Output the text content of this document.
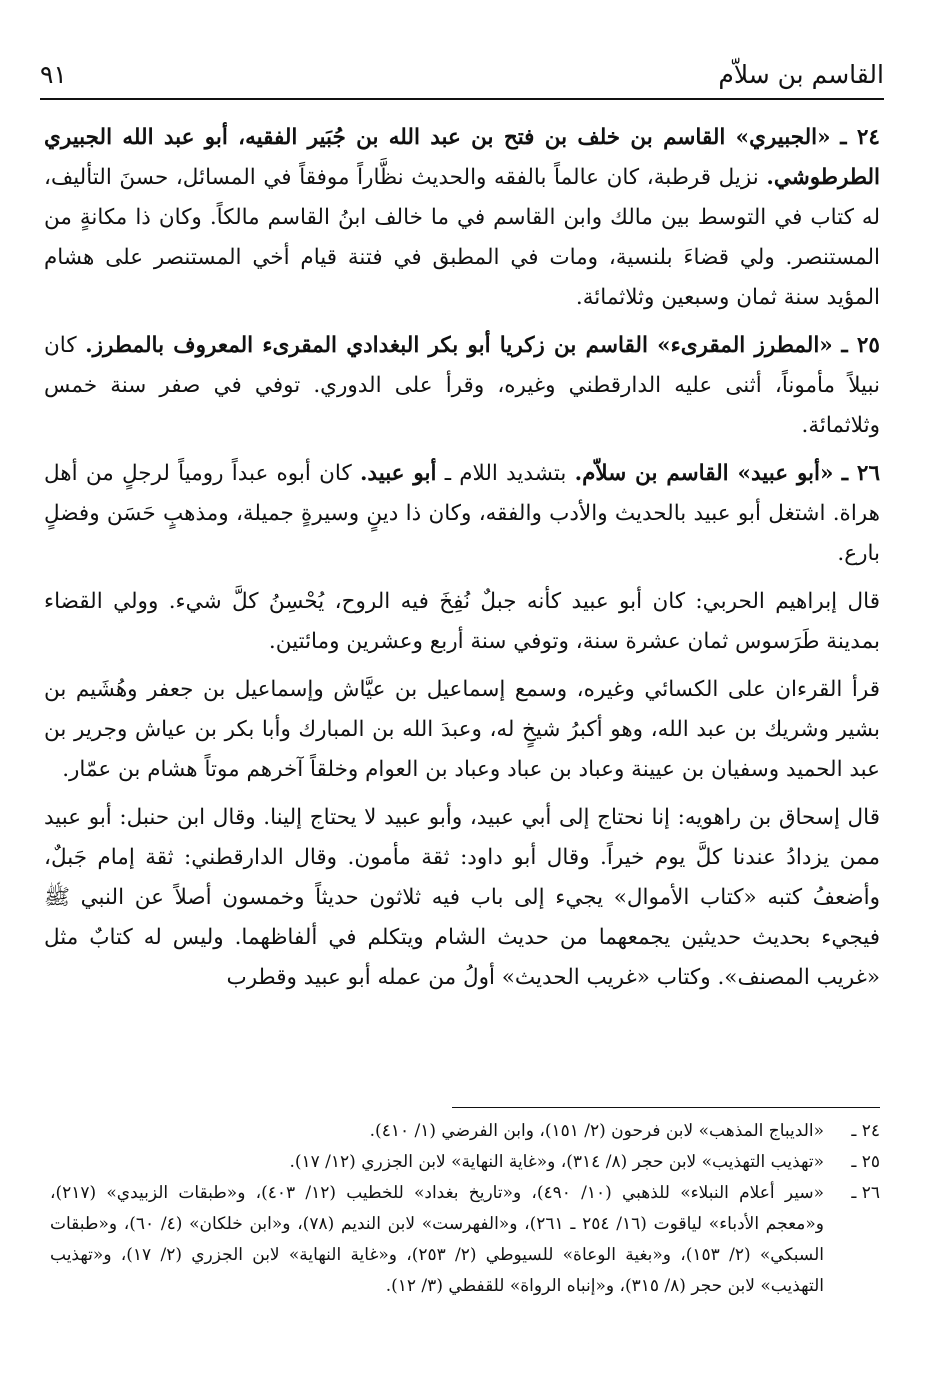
القاسم بن سلاّم
٩١

٢٤ ـ «الجبيري» القاسم بن خلف بن فتح بن عبد الله بن جُبَير الفقيه، أبو عبد الله الجبيري الطرطوشي. نزيل قرطبة، كان عالماً بالفقه والحديث نظَّاراً موفقاً في المسائل، حسنَ التأليف، له كتاب في التوسط بين مالك وابن القاسم في ما خالف ابنُ القاسم مالكاً. وكان ذا مكانةٍ من المستنصر. ولي قضاءَ بلنسية، ومات في المطبق في فتنة قيام أخي المستنصر على هشام المؤيد سنة ثمان وسبعين وثلاثمائة.

٢٥ ـ «المطرز المقرىء» القاسم بن زكريا أبو بكر البغدادي المقرىء المعروف بالمطرز. كان نبيلاً مأموناً، أثنى عليه الدارقطني وغيره، وقرأ على الدوري. توفي في صفر سنة خمس وثلاثمائة.

٢٦ ـ «أبو عبيد» القاسم بن سلاّم. بتشديد اللام ـ أبو عبيد. كان أبوه عبداً رومياً لرجلٍ من أهل هراة. اشتغل أبو عبيد بالحديث والأدب والفقه، وكان ذا دينٍ وسيرةٍ جميلة، ومذهبٍ حَسَن وفضلٍ بارع.

قال إبراهيم الحربي: كان أبو عبيد كأنه جبلٌ نُفِخَ فيه الروح، يُحْسِنُ كلَّ شيء. وولي القضاء بمدينة طَرَسوس ثمان عشرة سنة، وتوفي سنة أربع وعشرين ومائتين.

قرأ القرءان على الكسائي وغيره، وسمع إسماعيل بن عيَّاش وإسماعيل بن جعفر وهُشَيم بن بشير وشريك بن عبد الله، وهو أكبرُ شيخٍ له، وعبدَ الله بن المبارك وأبا بكر بن عياش وجرير بن عبد الحميد وسفيان بن عيينة وعباد بن عباد وعباد بن العوام وخلقاً آخرهم موتاً هشام بن عمّار.

قال إسحاق بن راهويه: إنا نحتاج إلى أبي عبيد، وأبو عبيد لا يحتاج إلينا. وقال ابن حنبل: أبو عبيد ممن يزدادُ عندنا كلَّ يوم خيراً. وقال أبو داود: ثقة مأمون. وقال الدارقطني: ثقة إمام جَبلٌ، وأضعفُ كتبه «كتاب الأموال» يجيء إلى باب فيه ثلاثون حديثاً وخمسون أصلاً عن النبي ﷺ فيجيء بحديث حديثين يجمعهما من حديث الشام ويتكلم في ألفاظهما. وليس له كتابٌ مثل «غريب المصنف». وكتاب «غريب الحديث» أولُ من عمله أبو عبيد وقطرب

٢٤ ـ
«الديباج المذهب» لابن فرحون (٢/ ١٥١)، وابن الفرضي (١/ ٤١٠).
٢٥ ـ
«تهذيب التهذيب» لابن حجر (٨/ ٣١٤)، و«غاية النهاية» لابن الجزري (١٢/ ١٧).
٢٦ ـ
«سير أعلام النبلاء» للذهبي (١٠/ ٤٩٠)، و«تاريخ بغداد» للخطيب (١٢/ ٤٠٣)، و«طبقات الزبيدي» (٢١٧)، و«معجم الأدباء» لياقوت (١٦/ ٢٥٤ ـ ٢٦١)، و«الفهرست» لابن النديم (٧٨)، و«ابن خلكان» (٤/ ٦٠)، و«طبقات السبكي» (٢/ ١٥٣)، و«بغية الوعاة» للسيوطي (٢/ ٢٥٣)، و«غاية النهاية» لابن الجزري (٢/ ١٧)، و«تهذيب التهذيب» لابن حجر (٨/ ٣١٥)، و«إنباه الرواة» للقفطي (٣/ ١٢).
